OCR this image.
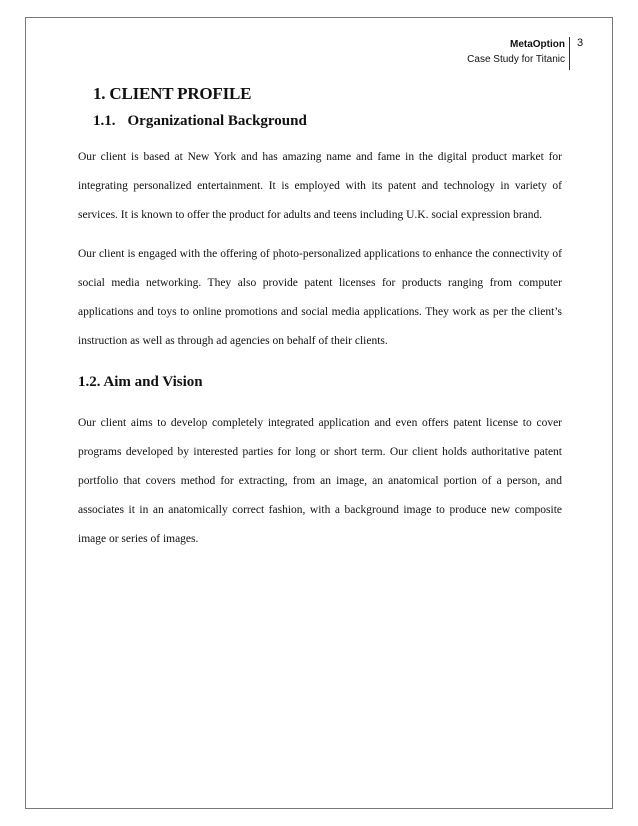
MetaOption
Case Study for Titanic
3
1. CLIENT PROFILE
1.1. Organizational Background

Our client is based at New York and has amazing name and fame in the digital product market for integrating personalized entertainment. It is employed with its patent and technology in variety of services. It is known to offer the product for adults and teens including U.K. social expression brand.

Our client is engaged with the offering of photo-personalized applications to enhance the connectivity of social media networking. They also provide patent licenses for products ranging from computer applications and toys to online promotions and social media applications. They work as per the client’s instruction as well as through ad agencies on behalf of their clients.

1.2. Aim and Vision

Our client aims to develop completely integrated application and even offers patent license to cover programs developed by interested parties for long or short term. Our client holds authoritative patent portfolio that covers method for extracting, from an image, an anatomical portion of a person, and associates it in an anatomically correct fashion, with a background image to produce new composite image or series of images.
